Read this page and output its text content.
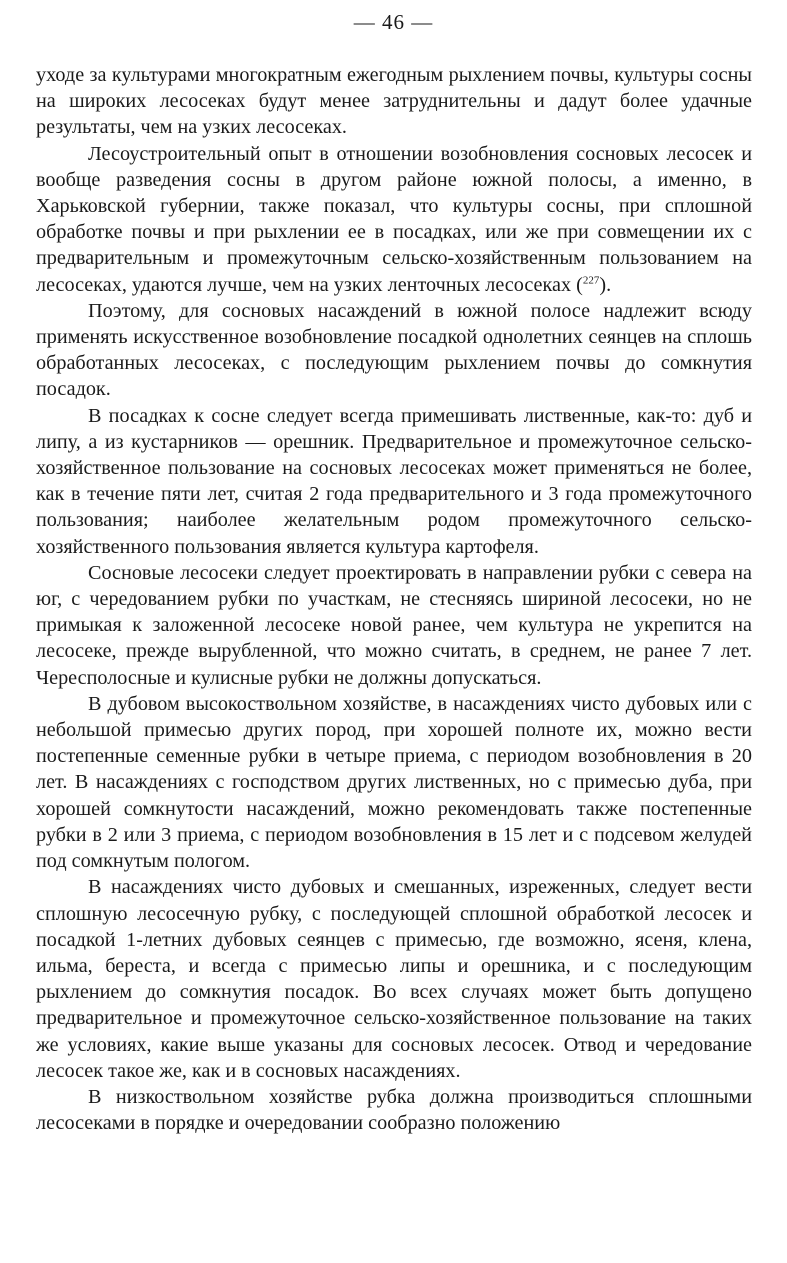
— 46 —

уходе за культурами многократным ежегодным рыхлением почвы, культуры сосны на широких лесосеках будут менее затруднительны и дадут более удачные результаты, чем на узких лесосеках.

Лесоустроительный опыт в отношении возобновления сосновых лесосек и вообще разведения сосны в другом районе южной полосы, а именно, в Харьковской губернии, также показал, что культуры сосны, при сплошной обработке почвы и при рыхлении ее в посадках, или же при совмещении их с предварительным и промежуточным сельско-хозяйственным пользованием на лесосеках, удаются лучше, чем на узких ленточных лесосеках ($^{227}$).

Поэтому, для сосновых насаждений в южной полосе надлежит всюду применять искусственное возобновление посадкой однолетних сеянцев на сплошь обработанных лесосеках, с последующим рыхлением почвы до сомкнутия посадок.

В посадках к сосне следует всегда примешивать лиственные, как-то: дуб и липу, а из кустарников — орешник. Предварительное и промежуточное сельско-хозяйственное пользование на сосновых лесосеках может применяться не более, как в течение пяти лет, считая 2 года предварительного и 3 года промежуточного пользования; наиболее желательным родом промежуточного сельско-хозяйственного пользования является культура картофеля.

Сосновые лесосеки следует проектировать в направлении рубки с севера на юг, с чередованием рубки по участкам, не стесняясь шириной лесосеки, но не примыкая к заложенной лесосеке новой ранее, чем культура не укрепится на лесосеке, прежде вырубленной, что можно считать, в среднем, не ранее 7 лет. Чересполосные и кулисные рубки не должны допускаться.

В дубовом высокоствольном хозяйстве, в насаждениях чисто дубовых или с небольшой примесью других пород, при хорошей полноте их, можно вести постепенные семенные рубки в четыре приема, с периодом возобновления в 20 лет. В насаждениях с господством других лиственных, но с примесью дуба, при хорошей сомкнутости насаждений, можно рекомендовать также постепенные рубки в 2 или 3 приема, с периодом возобновления в 15 лет и с подсевом желудей под сомкнутым пологом.

В насаждениях чисто дубовых и смешанных, изреженных, следует вести сплошную лесосечную рубку, с последующей сплошной обработкой лесосек и посадкой 1-летних дубовых сеянцев с примесью, где возможно, ясеня, клена, ильма, береста, и всегда с примесью липы и орешника, и с последующим рыхлением до сомкнутия посадок. Во всех случаях может быть допущено предварительное и промежуточное сельско-хозяйственное пользование на таких же условиях, какие выше указаны для сосновых лесосек. Отвод и чередование лесосек такое же, как и в сосновых насаждениях.

В низкоствольном хозяйстве рубка должна производиться сплошными лесосеками в порядке и очередовании сообразно положению
